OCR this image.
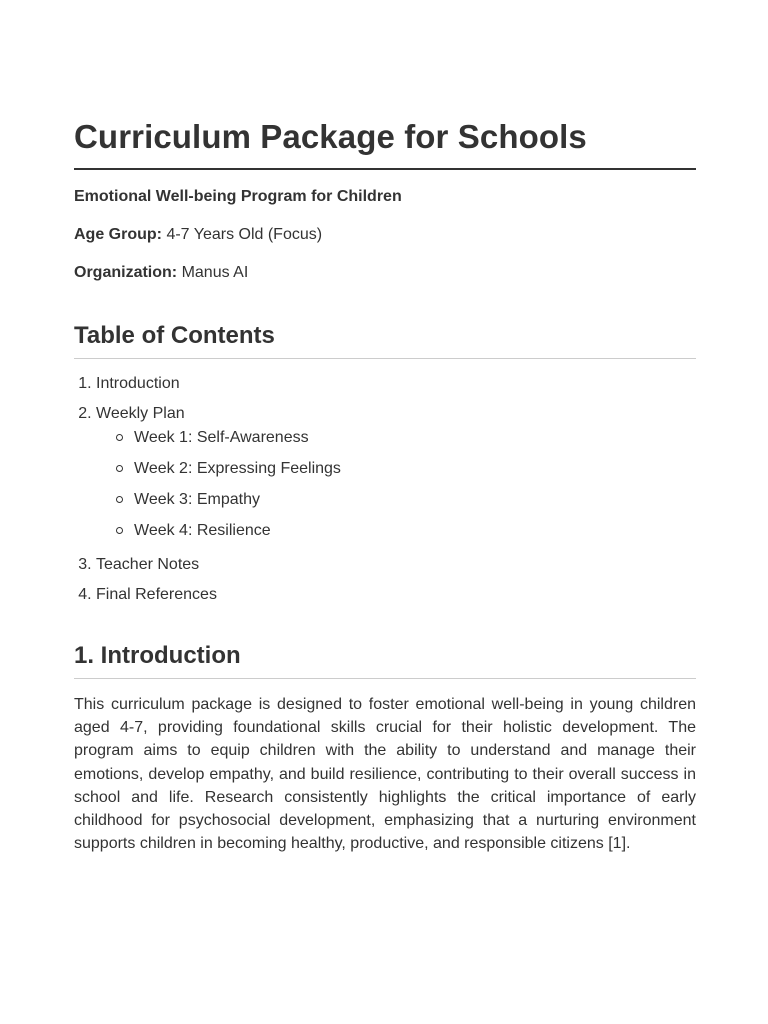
Curriculum Package for Schools

Emotional Well-being Program for Children

Age Group: 4-7 Years Old (Focus)

Organization: Manus AI

Table of Contents
1. Introduction
2. Weekly Plan
Week 1: Self-Awareness
Week 2: Expressing Feelings
Week 3: Empathy
Week 4: Resilience
3. Teacher Notes
4. Final References
1. Introduction

This curriculum package is designed to foster emotional well-being in young children aged 4-7, providing foundational skills crucial for their holistic development. The program aims to equip children with the ability to understand and manage their emotions, develop empathy, and build resilience, contributing to their overall success in school and life. Research consistently highlights the critical importance of early childhood for psychosocial development, emphasizing that a nurturing environment supports children in becoming healthy, productive, and responsible citizens [1].
